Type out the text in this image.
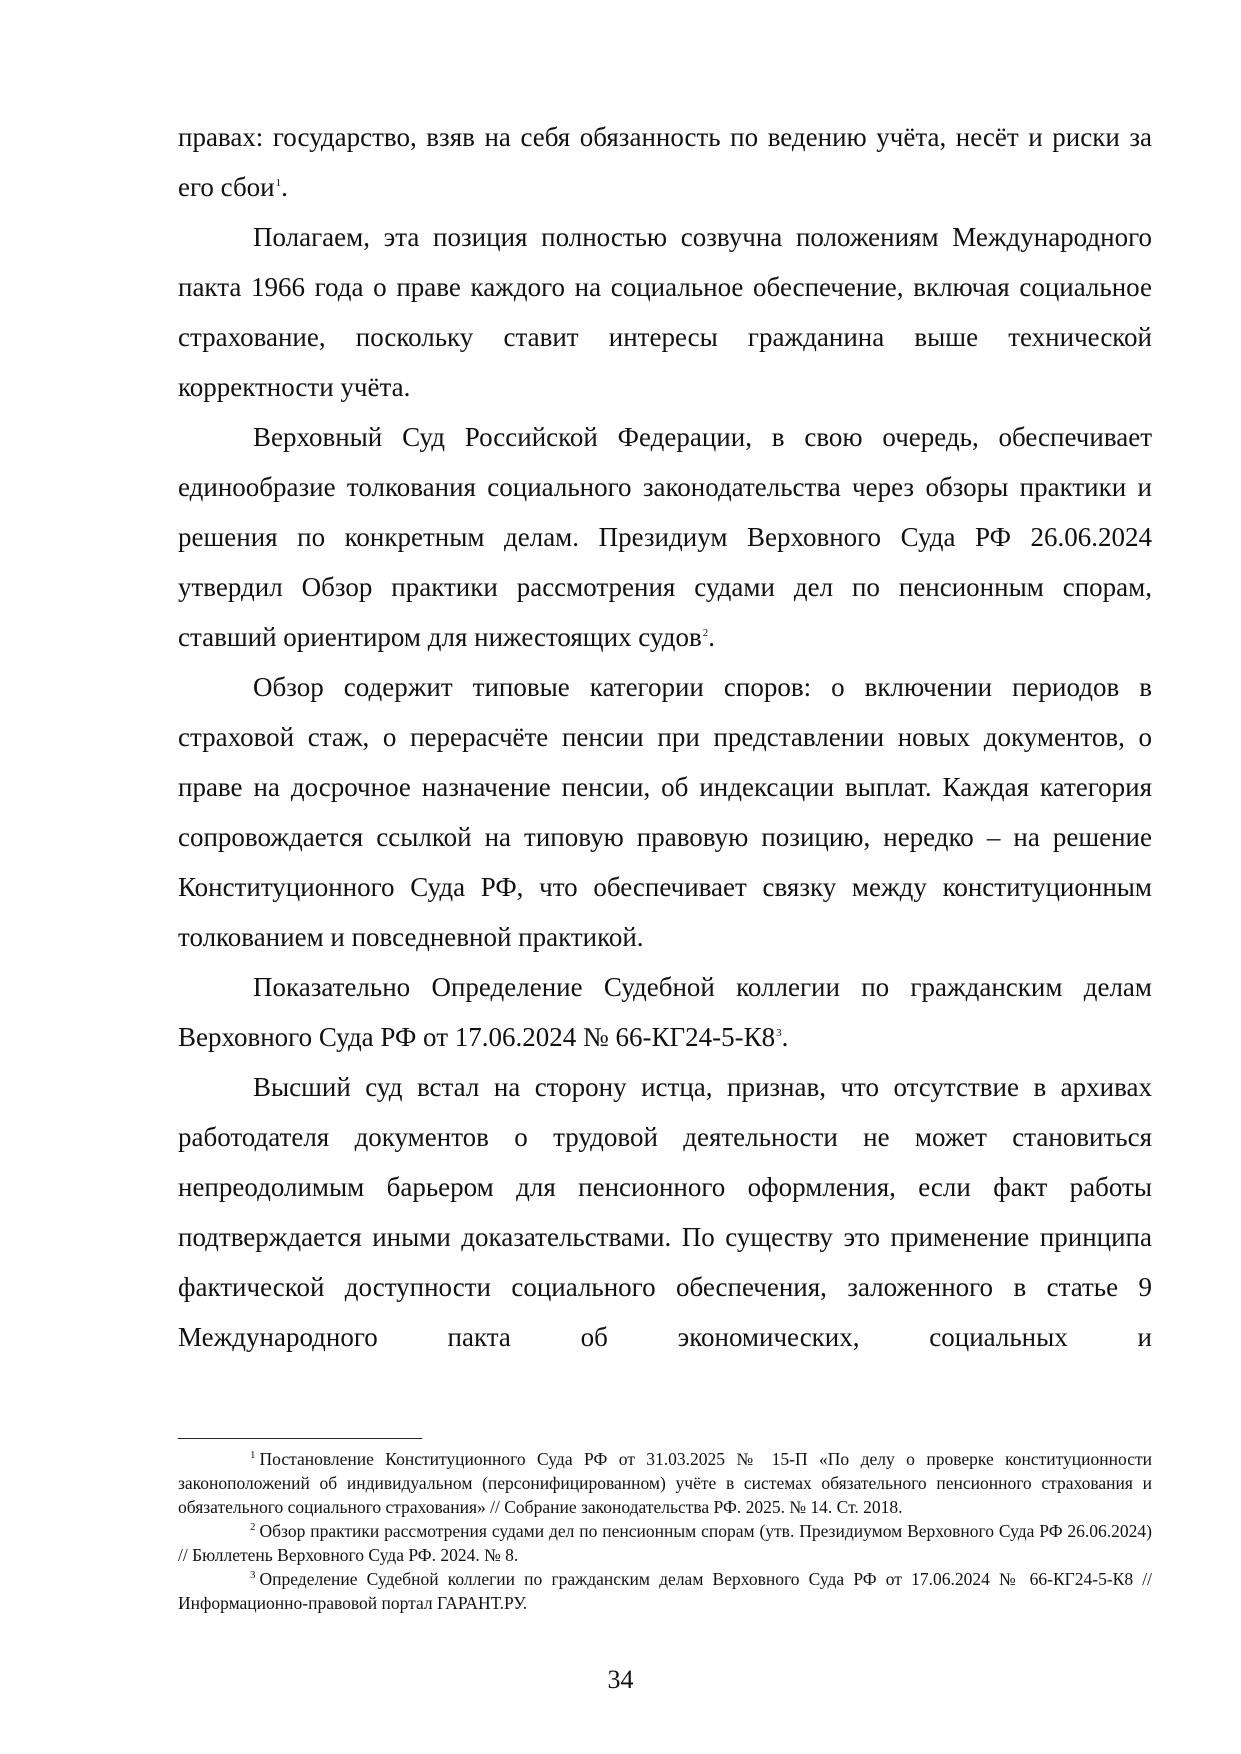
правах: государство, взяв на себя обязанность по ведению учёта, несёт и риски за его сбои$^1$.

Полагаем, эта позиция полностью созвучна положениям Международного пакта 1966 года о праве каждого на социальное обеспечение, включая социальное страхование, поскольку ставит интересы гражданина выше технической корректности учёта.

Верховный Суд Российской Федерации, в свою очередь, обеспечивает единообразие толкования социального законодательства через обзоры практики и решения по конкретным делам. Президиум Верховного Суда РФ 26.06.2024 утвердил Обзор практики рассмотрения судами дел по пенсионным спорам, ставший ориентиром для нижестоящих судов$^2$.

Обзор содержит типовые категории споров: о включении периодов в страховой стаж, о перерасчёте пенсии при представлении новых документов, о праве на досрочное назначение пенсии, об индексации выплат. Каждая категория сопровождается ссылкой на типовую правовую позицию, нередко – на решение Конституционного Суда РФ, что обеспечивает связку между конституционным толкованием и повседневной практикой.

Показательно Определение Судебной коллегии по гражданским делам Верховного Суда РФ от 17.06.2024 № 66-КГ24-5-К8$^3$.

Высший суд встал на сторону истца, признав, что отсутствие в архивах работодателя документов о трудовой деятельности не может становиться непреодолимым барьером для пенсионного оформления, если факт работы подтверждается иными доказательствами. По существу это применение принципа фактической доступности социального обеспечения, заложенного в статье 9 Международного пакта об экономических, социальных и

$^1$ Постановление Конституционного Суда РФ от 31.03.2025 № 15-П «По делу о проверке конституционности законоположений об индивидуальном (персонифицированном) учёте в системах обязательного пенсионного страхования и обязательного социального страхования» // Собрание законодательства РФ. 2025. № 14. Ст. 2018.

$^2$ Обзор практики рассмотрения судами дел по пенсионным спорам (утв. Президиумом Верховного Суда РФ 26.06.2024) // Бюллетень Верховного Суда РФ. 2024. № 8.

$^3$ Определение Судебной коллегии по гражданским делам Верховного Суда РФ от 17.06.2024 № 66-КГ24-5-К8 // Информационно-правовой портал ГАРАНТ.РУ.

34
